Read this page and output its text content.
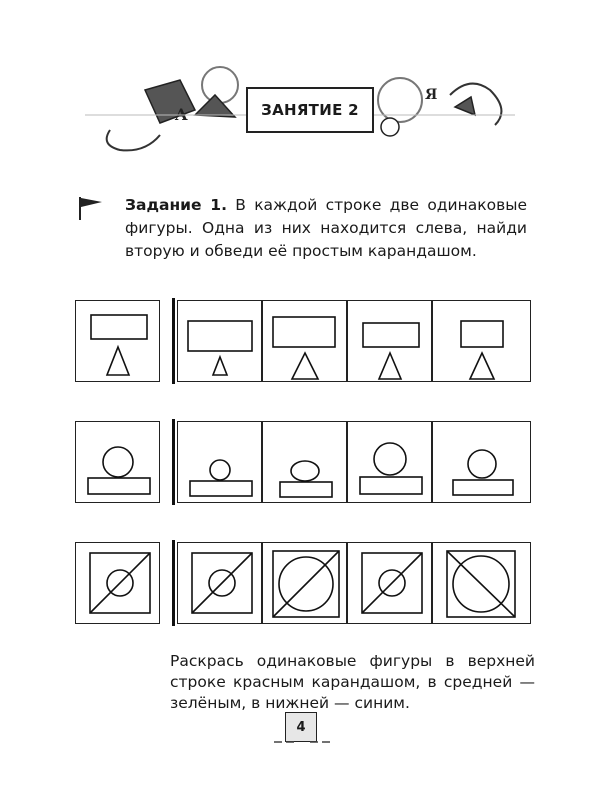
A
Я
ЗАНЯТИЕ 2

Задание 1. В каждой строке две одинаковые фигуры. Одна из них находится слева, найди вторую и обведи её простым карандашом.

Раскрась одинаковые фигуры в верхней строке красным карандашом, в средней — зелёным, в нижней — синим.

4
